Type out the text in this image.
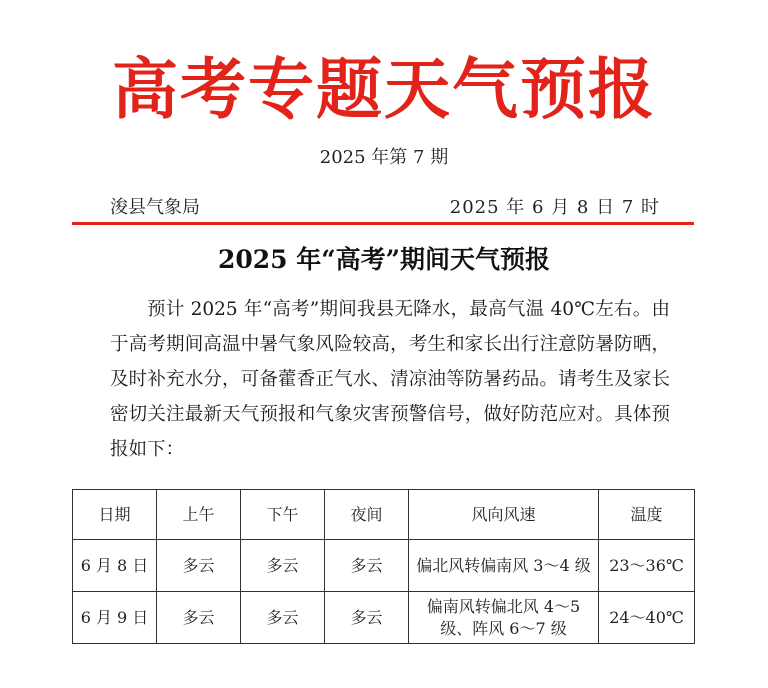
高考专题天气预报
2025 年第 7 期
浚县气象局	2025 年 6 月 8 日 7 时
2025 年“高考”期间天气预报
预计 2025 年“高考”期间我县无降水，最高气温 40℃左右。由于高考期间高温中暑气象风险较高，考生和家长出行注意防暑防晒，及时补充水分，可备藿香正气水、清凉油等防暑药品。请考生及家长密切关注最新天气预报和气象灾害预警信号，做好防范应对。具体预报如下：
日期	上午	下午	夜间	风向风速	温度
6 月 8 日	多云	多云	多云	偏北风转偏南风 3～4 级	23～36℃
6 月 9 日	多云	多云	多云	偏南风转偏北风 4～5 级、阵风 6～7 级	24～40℃
